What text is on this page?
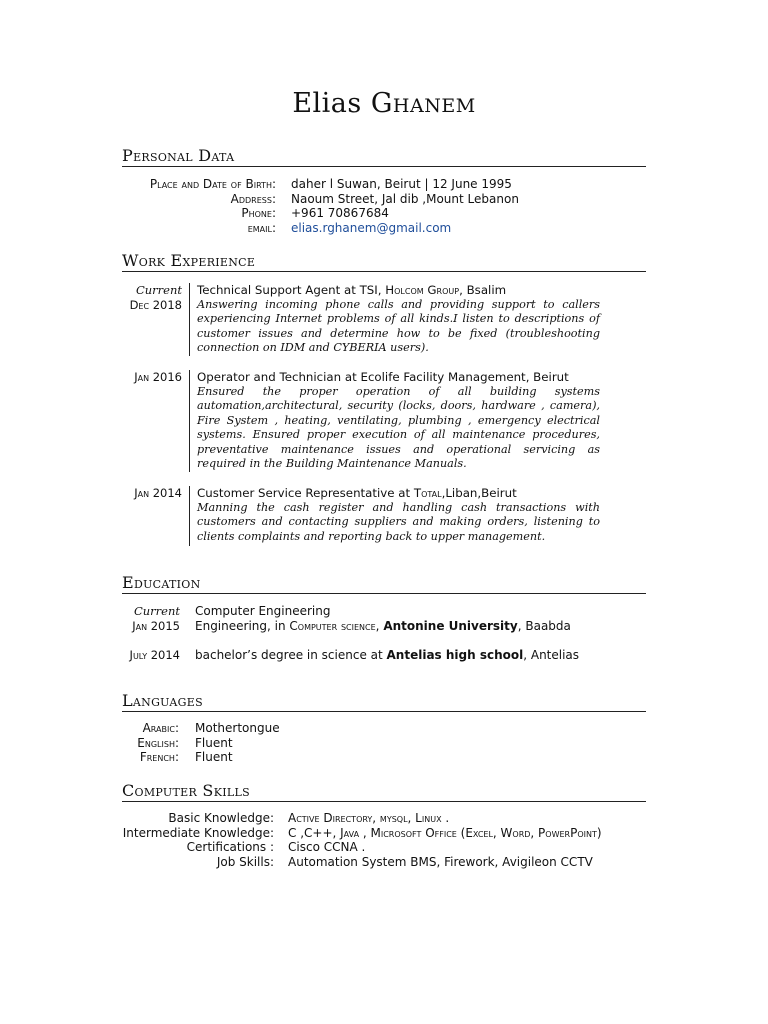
Elias Ghanem
Personal Data
Place and Date of Birth: daher l Suwan, Beirut | 12 June 1995
Address: Naoum Street, Jal dib ,Mount Lebanon
Phone: +961 70867684
email: elias.rghanem@gmail.com
Work Experience
Current
Dec 2018
Technical Support Agent at TSI, Holcom Group, Bsalim
Answering incoming phone calls and providing support to callers experiencing Internet problems of all kinds.I listen to descriptions of customer issues and determine how to be fixed (troubleshooting connection on IDM and CYBERIA users).
Jan 2016 Operator and Technician at Ecolife Facility Management, Beirut
Ensured the proper operation of all building systems automation,architectural, security (locks, doors, hardware , camera), Fire System , heating, ventilating, plumbing , emergency electrical systems. Ensured proper execution of all maintenance procedures, preventative maintenance issues and operational servicing as required in the Building Maintenance Manuals.
Jan 2014 Customer Service Representative at Total,Liban,Beirut
Manning the cash register and handling cash transactions with customers and contacting suppliers and making orders, listening to clients complaints and reporting back to upper management.
Education
Current
Jan 2015
Computer Engineering
Engineering, in Computer science, Antonine University, Baabda
July 2014 bachelor’s degree in science at Antelias high school, Antelias
Languages
Arabic: Mothertongue
English: Fluent
French: Fluent
Computer Skills
Basic Knowledge: Active Directory, mysql, Linux .
Intermediate Knowledge: C ,C++, Java , Microsoft Office (Excel, Word, PowerPoint)
Certifications : Cisco CCNA .
Job Skills: Automation System BMS, Firework, Avigileon CCTV
